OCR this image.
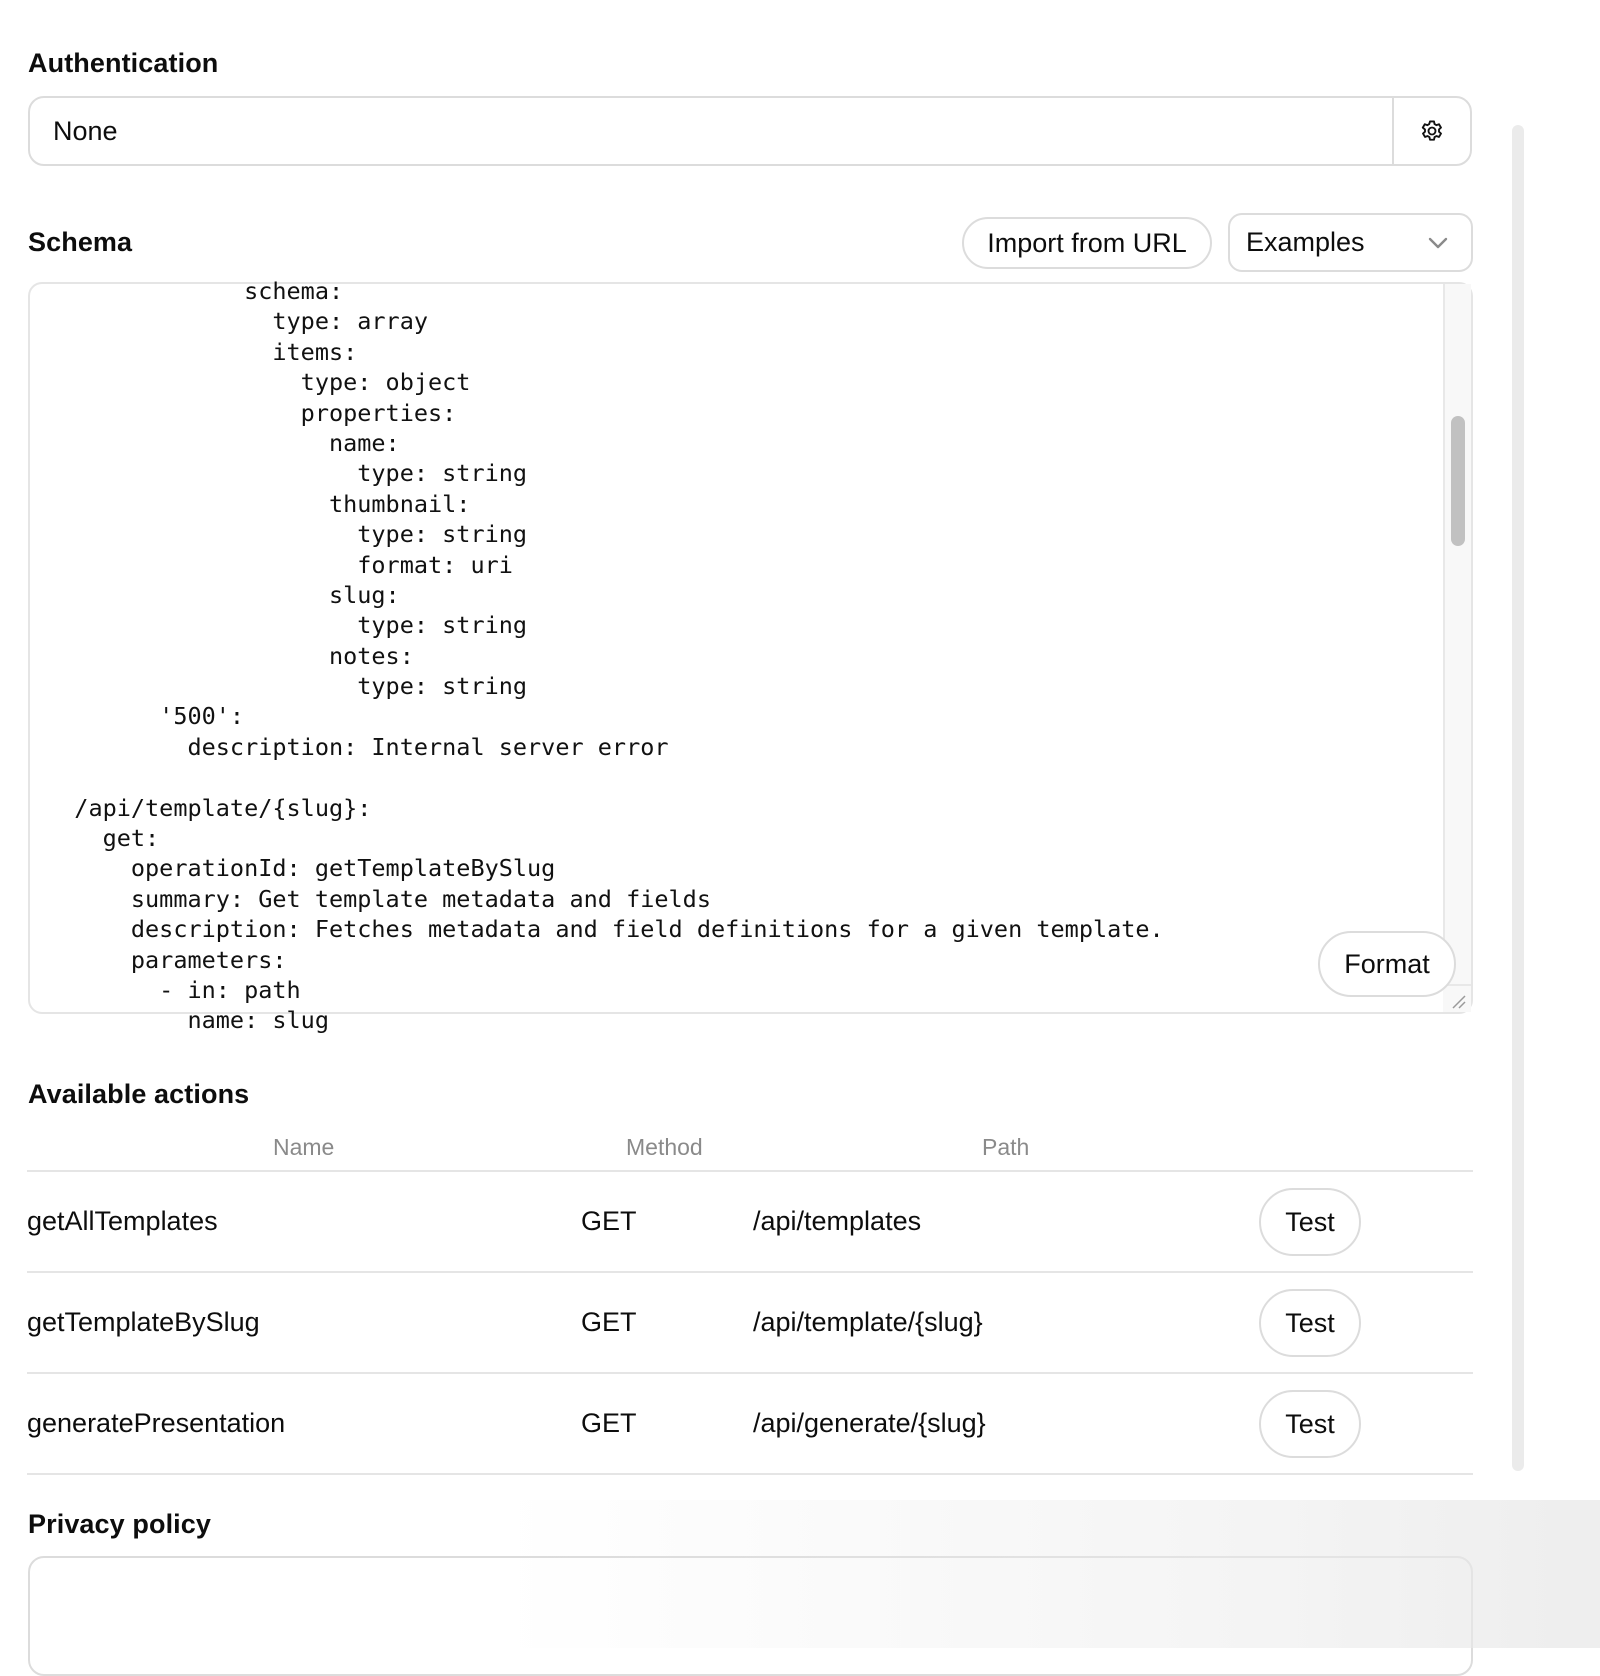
Authentication
None
Schema	Import from URL	Examples
schema:
type: array
items:
type: object
properties:
name:
type: string
thumbnail:
type: string
format: uri
slug:
type: string
notes:
type: string
'500':
description: Internal server error

/api/template/{slug}:
get:
operationId: getTemplateBySlug
summary: Get template metadata and fields
description: Fetches metadata and field definitions for a given template.
parameters:
- in: path
name: slug
Format
Available actions
Name	Method	Path
getAllTemplates	GET	/api/templates	Test
getTemplateBySlug	GET	/api/template/{slug}	Test
generatePresentation	GET	/api/generate/{slug}	Test
Privacy policy
